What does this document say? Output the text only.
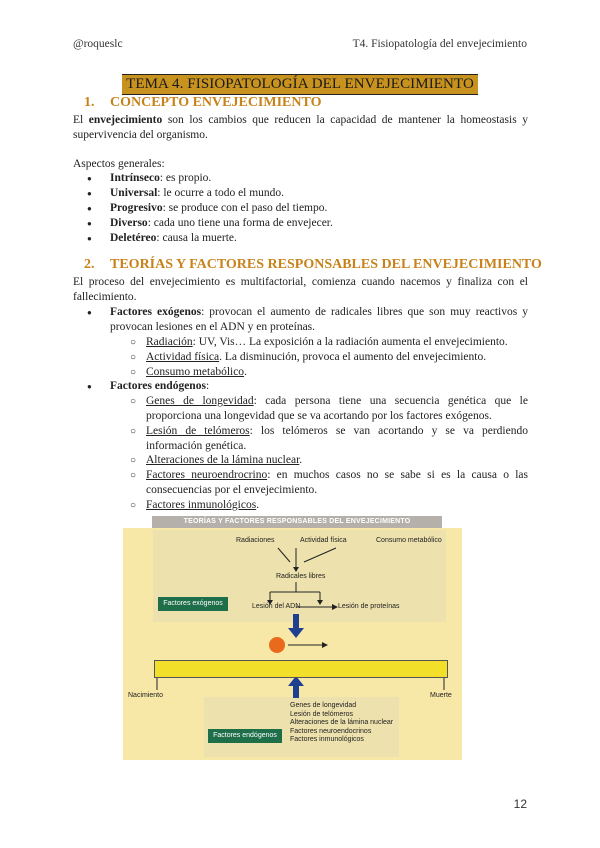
@roqueslc	T4. Fisiopatología del envejecimiento
TEMA 4. FISIOPATOLOGÍA DEL ENVEJECIMIENTO
1. CONCEPTO ENVEJECIMIENTO
El envejecimiento son los cambios que reducen la capacidad de mantener la homeostasis y supervivencia del organismo.
Aspectos generales:
Intrínseco: es propio.
Universal: le ocurre a todo el mundo.
Progresivo: se produce con el paso del tiempo.
Diverso: cada uno tiene una forma de envejecer.
Deletéreo: causa la muerte.
2. TEORÍAS Y FACTORES RESPONSABLES DEL ENVEJECIMIENTO
El proceso del envejecimiento es multifactorial, comienza cuando nacemos y finaliza con el fallecimiento.
Factores exógenos: provocan el aumento de radicales libres que son muy reactivos y provocan lesiones en el ADN y en proteínas.
○ Radiación: UV, Vis… La exposición a la radiación aumenta el envejecimiento.
○ Actividad física. La disminución, provoca el aumento del envejecimiento.
○ Consumo metabólico.
Factores endógenos:
○ Genes de longevidad: cada persona tiene una secuencia genética que le proporciona una longevidad que se va acortando por los factores exógenos.
○ Lesión de telómeros: los telómeros se van acortando y se va perdiendo información genética.
○ Alteraciones de la lámina nuclear.
○ Factores neuroendrocrino: en muchos casos no se sabe si es la causa o las consecuencias por el envejecimiento.
○ Factores inmunológicos.
TEORÍAS Y FACTORES RESPONSABLES DEL ENVEJECIMIENTO
Radiaciones	Actividad física	Consumo metabólico
Radicales libres
Factores exógenos	Lesión del ADN	Lesión de proteínas
Nacimiento	Muerte
Genes de longevidad
Lesión de telómeros
Alteraciones de la lámina nuclear
Factores neuroendocrinos
Factores inmunológicos
Factores endógenos
12
